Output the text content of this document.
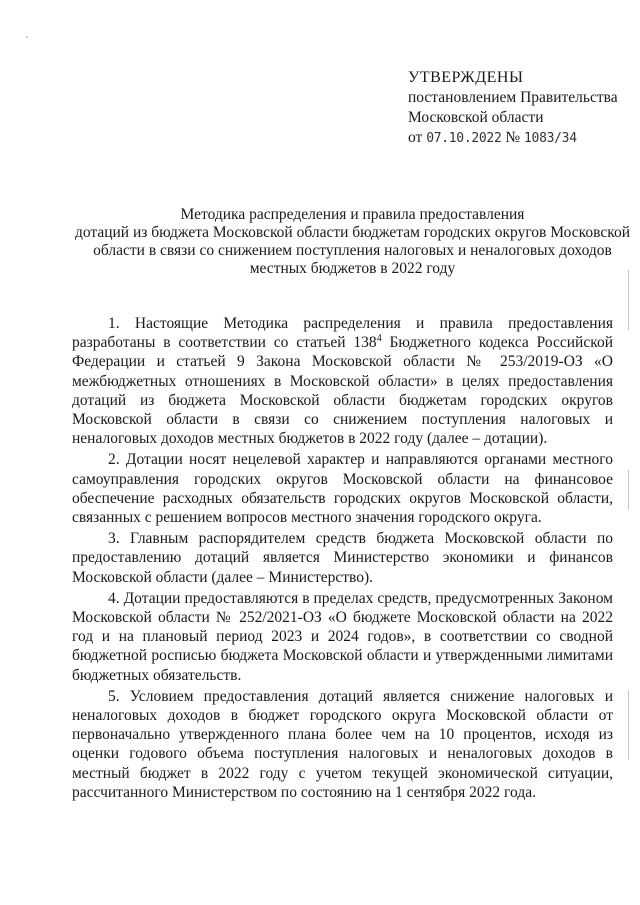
УТВЕРЖДЕНЫ
постановлением Правительства
Московской области
от 07.10.2022 № 1083/34
Методика распределения и правила предоставления
дотаций из бюджета Московской области бюджетам городских округов Московской
области в связи со снижением поступления налоговых и неналоговых доходов
местных бюджетов в 2022 году

1. Настоящие Методика распределения и правила предоставления разработаны в соответствии со статьей $138^4$ Бюджетного кодекса Российской Федерации и статьей 9 Закона Московской области № 253/2019-ОЗ «О межбюджетных отношениях в Московской области» в целях предоставления дотаций из бюджета Московской области бюджетам городских округов Московской области в связи со снижением поступления налоговых и неналоговых доходов местных бюджетов в 2022 году (далее – дотации).

2. Дотации носят нецелевой характер и направляются органами местного самоуправления городских округов Московской области на финансовое обеспечение расходных обязательств городских округов Московской области, связанных с решением вопросов местного значения городского округа.

3. Главным распорядителем средств бюджета Московской области по предоставлению дотаций является Министерство экономики и финансов Московской области (далее – Министерство).

4. Дотации предоставляются в пределах средств, предусмотренных Законом Московской области № 252/2021-ОЗ «О бюджете Московской области на 2022 год и на плановый период 2023 и 2024 годов», в соответствии со сводной бюджетной росписью бюджета Московской области и утвержденными лимитами бюджетных обязательств.

5. Условием предоставления дотаций является снижение налоговых и неналоговых доходов в бюджет городского округа Московской области от первоначально утвержденного плана более чем на 10 процентов, исходя из оценки годового объема поступления налоговых и неналоговых доходов в местный бюджет в 2022 году с учетом текущей экономической ситуации, рассчитанного Министерством по состоянию на 1 сентября 2022 года.
